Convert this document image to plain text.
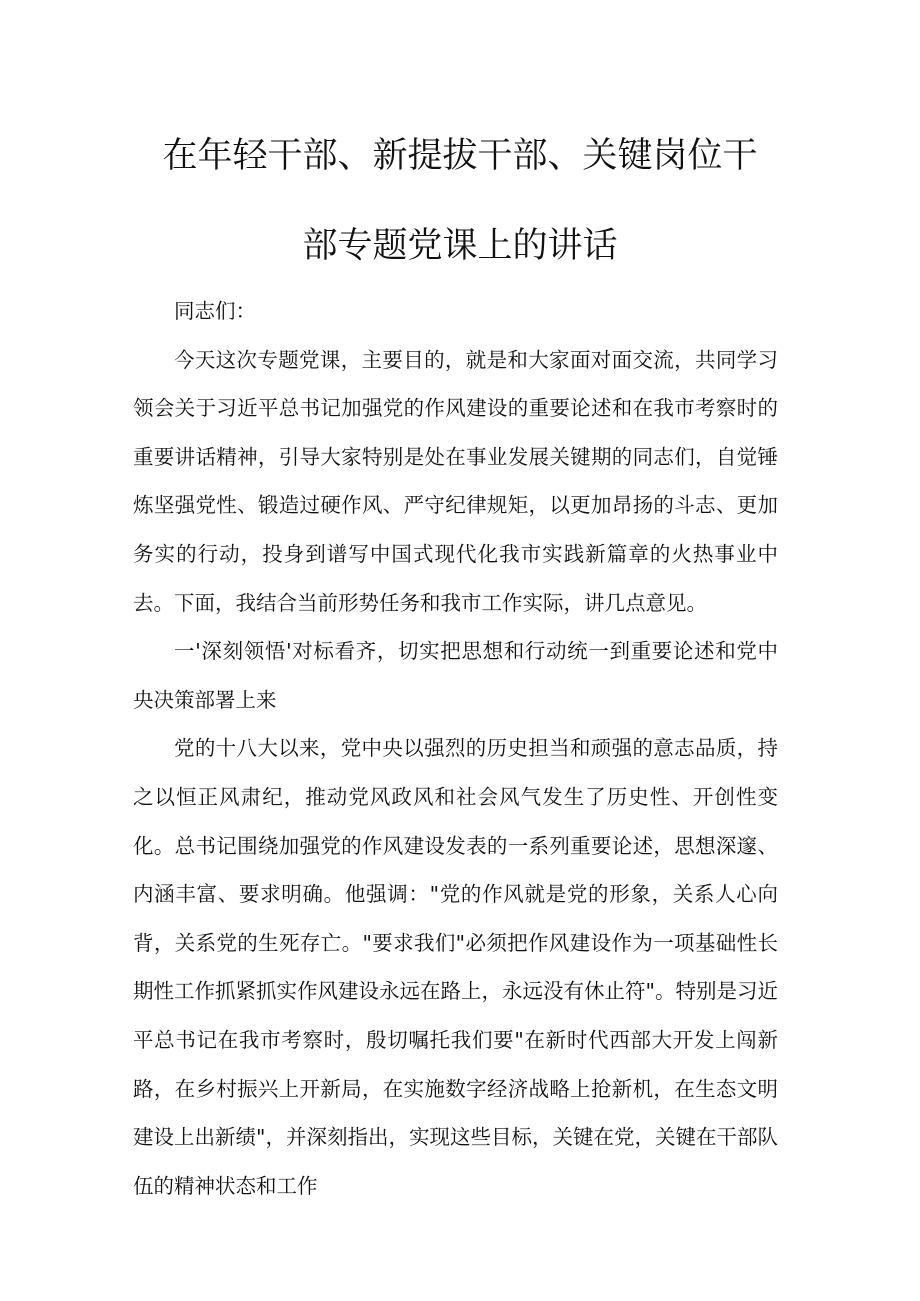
在年轻干部、新提拔干部、关键岗位干
部专题党课上的讲话

同志们：

今天这次专题党课，主要目的，就是和大家面对面交流，共同学习领会关于习近平总书记加强党的作风建设的重要论述和在我市考察时的重要讲话精神，引导大家特别是处在事业发展关键期的同志们，自觉锤炼坚强党性、锻造过硬作风、严守纪律规矩，以更加昂扬的斗志、更加务实的行动，投身到谱写中国式现代化我市实践新篇章的火热事业中去。下面，我结合当前形势任务和我市工作实际，讲几点意见。

一'深刻领悟'对标看齐，切实把思想和行动统一到重要论述和党中央决策部署上来

党的十八大以来，党中央以强烈的历史担当和顽强的意志品质，持之以恒正风肃纪，推动党风政风和社会风气发生了历史性、开创性变化。总书记围绕加强党的作风建设发表的一系列重要论述，思想深邃、内涵丰富、要求明确。他强调："党的作风就是党的形象，关系人心向背，关系党的生死存亡。"要求我们"必须把作风建设作为一项基础性长期性工作抓紧抓实作风建设永远在路上，永远没有休止符"。特别是习近平总书记在我市考察时，殷切嘱托我们要"在新时代西部大开发上闯新路，在乡村振兴上开新局，在实施数字经济战略上抢新机，在生态文明建设上出新绩"，并深刻指出，实现这些目标，关键在党，关键在干部队伍的精神状态和工作
